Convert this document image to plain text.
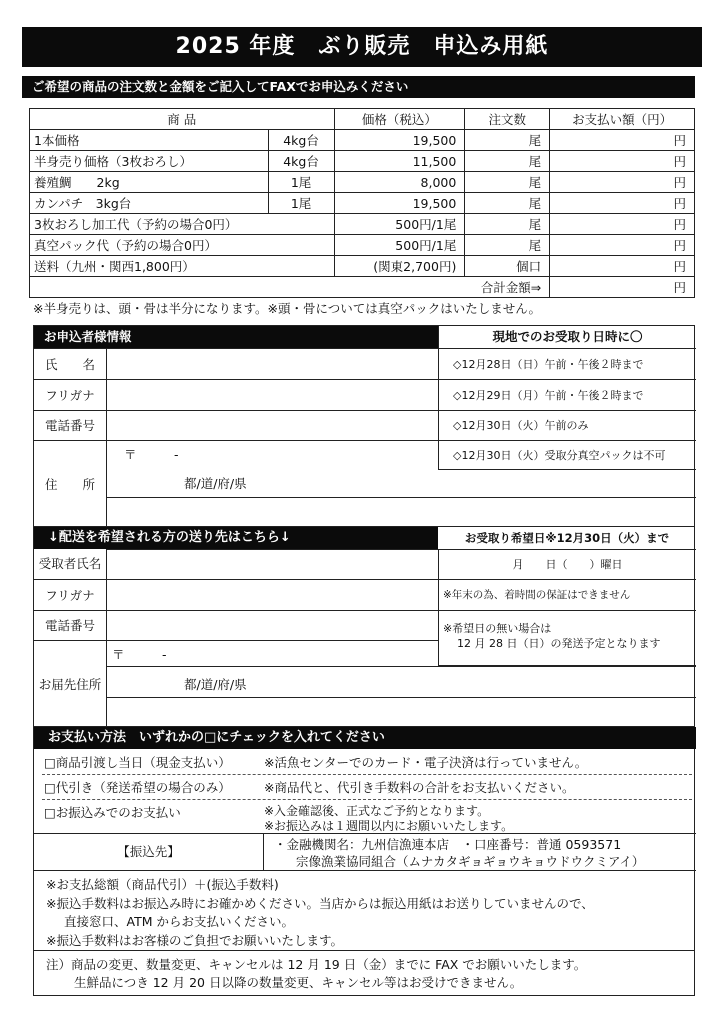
2025 年度　ぶり販売　申込み用紙
ご希望の商品の注文数と金額をご記入してFAXでお申込みください
商 品		価格（税込）	注文数	お支払い額（円）
1本価格	4kg台	19,500	尾	円
半身売り価格（3枚おろし）	4kg台	11,500	尾	円
養殖鯛　　2kg	1尾	8,000	尾	円
カンパチ　3kg台	1尾	19,500	尾	円
3枚おろし加工代（予約の場合0円）		500円/1尾	尾	円
真空パック代（予約の場合0円）		500円/1尾	尾	円
送料（九州・関西1,800円）		(関東2,700円)	個口	円
合計金額⇒				円
※半身売りは、頭・骨は半分になります。※頭・骨については真空パックはいたしません。
お申込者様情報	現地でのお受取り日時に〇
氏　　名
フリガナ
電話番号
住　　所
〒　　　-
都/道/府/県
◇12月28日（日）午前・午後２時まで
◇12月29日（月）午前・午後２時まで
◇12月30日（火）午前のみ
◇12月30日（火）受取分真空パックは不可
↓配送を希望される方の送り先はこちら↓	お受取り希望日※12月30日（火）まで
受取者氏名	月　　日（　　）曜日
フリガナ	※年末の為、着時間の保証はできません
電話番号	※希望日の無い場合は
12 月 28 日（日）の発送予定となります
お届先住所
〒　　　-
都/道/府/県
お支払い方法　いずれかの□にチェックを入れてください
□商品引渡し当日（現金支払い）	※活魚センターでのカード・電子決済は行っていません。
□代引き（発送希望の場合のみ）	※商品代と、代引き手数料の合計をお支払いください。
□お振込みでのお支払い	※入金確認後、正式なご予約となります。
※お振込みは１週間以内にお願いいたします。
【振込先】	・金融機関名：九州信漁連本店　・口座番号：普通 0593571
宗像漁業協同組合（ムナカタギョギョウキョウドウクミアイ）
※お支払総額（商品代引）＋(振込手数料)
※振込手数料はお振込み時にお確かめください。当店からは振込用紙はお送りしていませんので、
直接窓口、ATM からお支払いください。
※振込手数料はお客様のご負担でお願いいたします。
注）商品の変更、数量変更、キャンセルは 12 月 19 日（金）までに FAX でお願いいたします。
生鮮品につき 12 月 20 日以降の数量変更、キャンセル等はお受けできません。
